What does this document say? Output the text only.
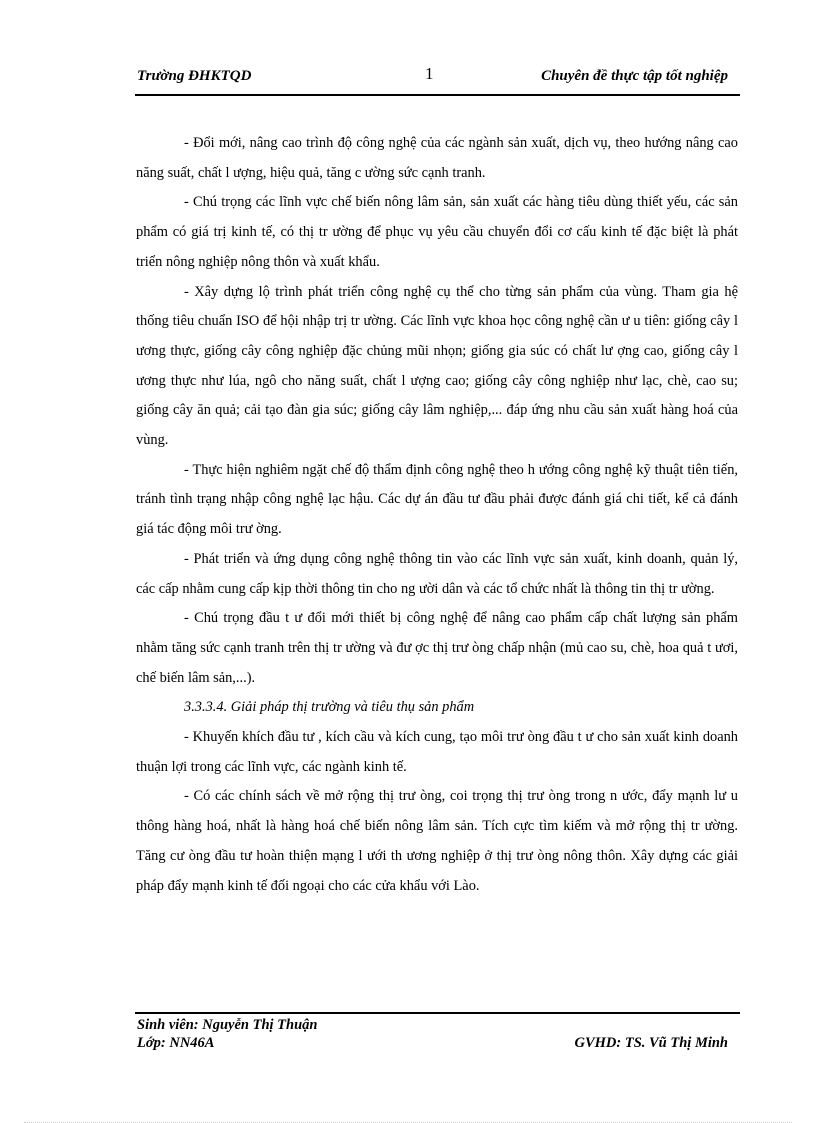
Trường ĐHKTQD	1	Chuyên đề thực tập tốt nghiệp

- Đổi mới, nâng cao trình độ công nghệ của các ngành sản xuất, dịch vụ, theo hướng nâng cao năng suất, chất l ượng, hiệu quả, tăng c ường sức cạnh tranh.

- Chú trọng các lĩnh vực chế biến nông lâm sản, sản xuất các hàng tiêu dùng thiết yếu, các sản phẩm có giá trị kinh tế, có thị tr ường để phục vụ yêu cầu chuyển đổi cơ cấu kinh tế đặc biệt là phát triển nông nghiệp nông thôn và xuất khẩu.

- Xây dựng lộ trình phát triển công nghệ cụ thể cho từng sản phẩm của vùng. Tham gia hệ thống tiêu chuẩn ISO để hội nhập trị tr ường. Các lĩnh vực khoa học công nghệ cần ư u tiên: giống cây l ương thực, giống cây công nghiệp đặc chủng mũi nhọn; giống gia súc có chất lư ợng cao, giống cây l ương thực như lúa, ngô cho năng suất, chất l ượng cao; giống cây công nghiệp như lạc, chè, cao su; giống cây ăn quả; cải tạo đàn gia súc; giống cây lâm nghiệp,... đáp ứng nhu cầu sản xuất hàng hoá của vùng.

- Thực hiện nghiêm ngặt chế độ thẩm định công nghệ theo h ướng công nghệ kỹ thuật tiên tiến, tránh tình trạng nhập công nghệ lạc hậu. Các dự án đầu tư đầu phải được đánh giá chi tiết, kể cả đánh giá tác động môi trư ờng.

- Phát triển và ứng dụng công nghệ thông tin vào các lĩnh vực sản xuất, kinh doanh, quản lý, các cấp nhằm cung cấp kịp thời thông tin cho ng ười dân và các tổ chức nhất là thông tin thị tr ường.

- Chú trọng đầu t ư đổi mới thiết bị công nghệ để nâng cao phẩm cấp chất lượng sản phẩm nhằm tăng sức cạnh tranh trên thị tr ường và đư ợc thị trư òng chấp nhận (mủ cao su, chè, hoa quả t ươi, chế biến lâm sản,...).

3.3.3.4. Giải pháp thị trường và tiêu thụ sản phẩm

- Khuyến khích đầu tư , kích cầu và kích cung, tạo môi trư òng đầu t ư cho sản xuất kinh doanh thuận lợi trong các lĩnh vực, các ngành kinh tế.

- Có các chính sách về mở rộng thị trư òng, coi trọng thị trư òng trong n ước, đẩy mạnh lư u thông hàng hoá, nhất là hàng hoá chế biến nông lâm sản. Tích cực tìm kiếm và mở rộng thị tr ường. Tăng cư òng đầu tư hoàn thiện mạng l ưới th ương nghiệp ở thị trư òng nông thôn. Xây dựng các giải pháp đẩy mạnh kinh tế đối ngoại cho các cửa khẩu với Lào.

Sinh viên: Nguyễn Thị Thuận
Lớp: NN46A	GVHD: TS. Vũ Thị Minh
